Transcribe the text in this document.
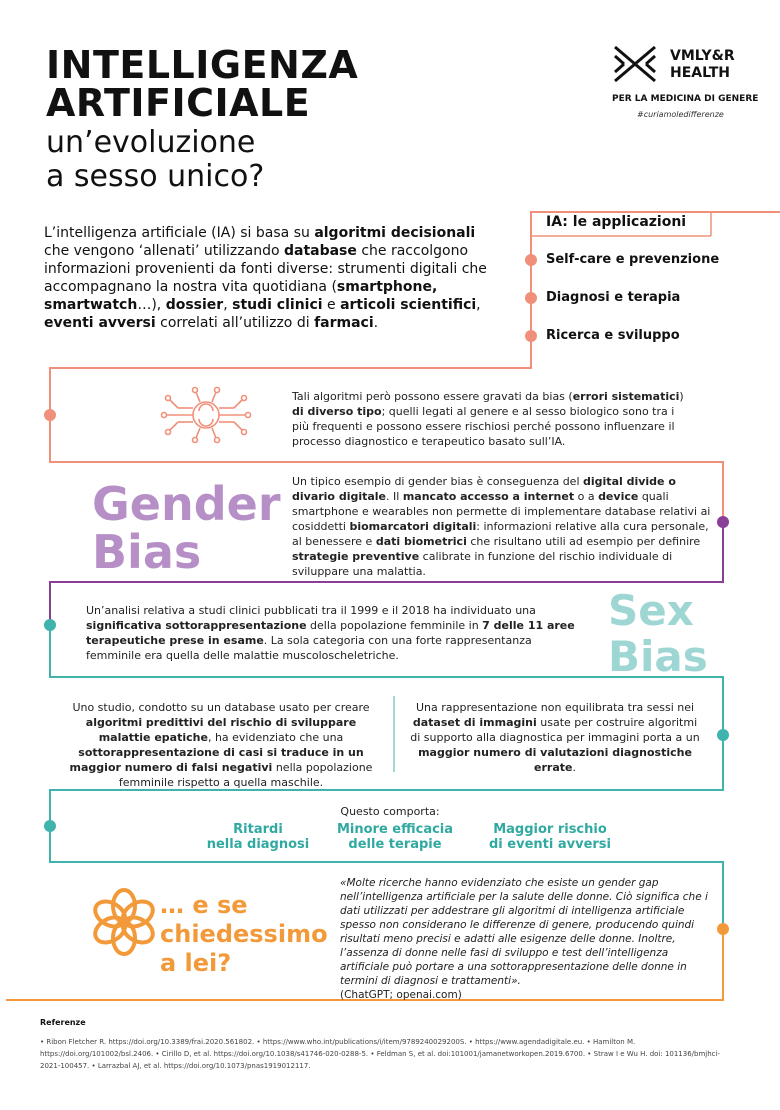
INTELLIGENZA
ARTIFICIALE
un’evoluzione
a sesso unico?
VMLY&R
HEALTH
PER LA MEDICINA DI GENERE
#curiamoledifferenze
L’intelligenza artificiale (IA) si basa su algoritmi decisionali che vengono ‘allenati’ utilizzando database che raccolgono informazioni provenienti da fonti diverse: strumenti digitali che accompagnano la nostra vita quotidiana (smartphone, smartwatch…), dossier, studi clinici e articoli scientifici, eventi avversi correlati all’utilizzo di farmaci.
IA: le applicazioni
Self-care e prevenzione
Diagnosi e terapia
Ricerca e sviluppo
Tali algoritmi però possono essere gravati da bias (errori sistematici) di diverso tipo; quelli legati al genere e al sesso biologico sono tra i più frequenti e possono essere rischiosi perché possono influenzare il processo diagnostico e terapeutico basato sull’IA.
Gender
Bias
Un tipico esempio di gender bias è conseguenza del digital divide o divario digitale. Il mancato accesso a internet o a device quali smartphone e wearables non permette di implementare database relativi ai cosiddetti biomarcatori digitali: informazioni relative alla cura personale, al benessere e dati biometrici che risultano utili ad esempio per definire strategie preventive calibrate in funzione del rischio individuale di sviluppare una malattia.
Un’analisi relativa a studi clinici pubblicati tra il 1999 e il 2018 ha individuato una significativa sottorappresentazione della popolazione femminile in 7 delle 11 aree terapeutiche prese in esame. La sola categoria con una forte rappresentanza femminile era quella delle malattie muscoloscheletriche.
Sex
Bias
Uno studio, condotto su un database usato per creare algoritmi predittivi del rischio di sviluppare malattie epatiche, ha evidenziato che una sottorappresentazione di casi si traduce in un maggior numero di falsi negativi nella popolazione femminile rispetto a quella maschile.
Una rappresentazione non equilibrata tra sessi nei dataset di immagini usate per costruire algoritmi di supporto alla diagnostica per immagini porta a un maggior numero di valutazioni diagnostiche errate.
Questo comporta:
Ritardi
nella diagnosi
Minore efficacia
delle terapie
Maggior rischio
di eventi avversi
… e se
chiedessimo
a lei?
«Molte ricerche hanno evidenziato che esiste un gender gap nell’intelligenza artificiale per la salute delle donne. Ciò significa che i dati utilizzati per addestrare gli algoritmi di intelligenza artificiale spesso non considerano le differenze di genere, producendo quindi risultati meno precisi e adatti alle esigenze delle donne. Inoltre, l’assenza di donne nelle fasi di sviluppo e test dell’intelligenza artificiale può portare a una sottorappresentazione delle donne in termini di diagnosi e trattamenti».
(ChatGPT; openai.com)
Referenze
• Ribon Fletcher R. https://doi.org/10.3389/frai.2020.561802. • https://www.who.int/publications/i/item/9789240029200S. • https://www.agendadigitale.eu. • Hamilton M. https://doi.org/101002/bsl.2406. • Cirillo D, et al. https://doi.org/10.1038/s41746-020-0288-5. • Feldman S, et al. doi:101001/jamanetworkopen.2019.6700. • Straw I e Wu H. doi: 101136/bmjhci-2021-100457. • Larrazbal AJ, et al. https://doi.org/10.1073/pnas1919012117.
